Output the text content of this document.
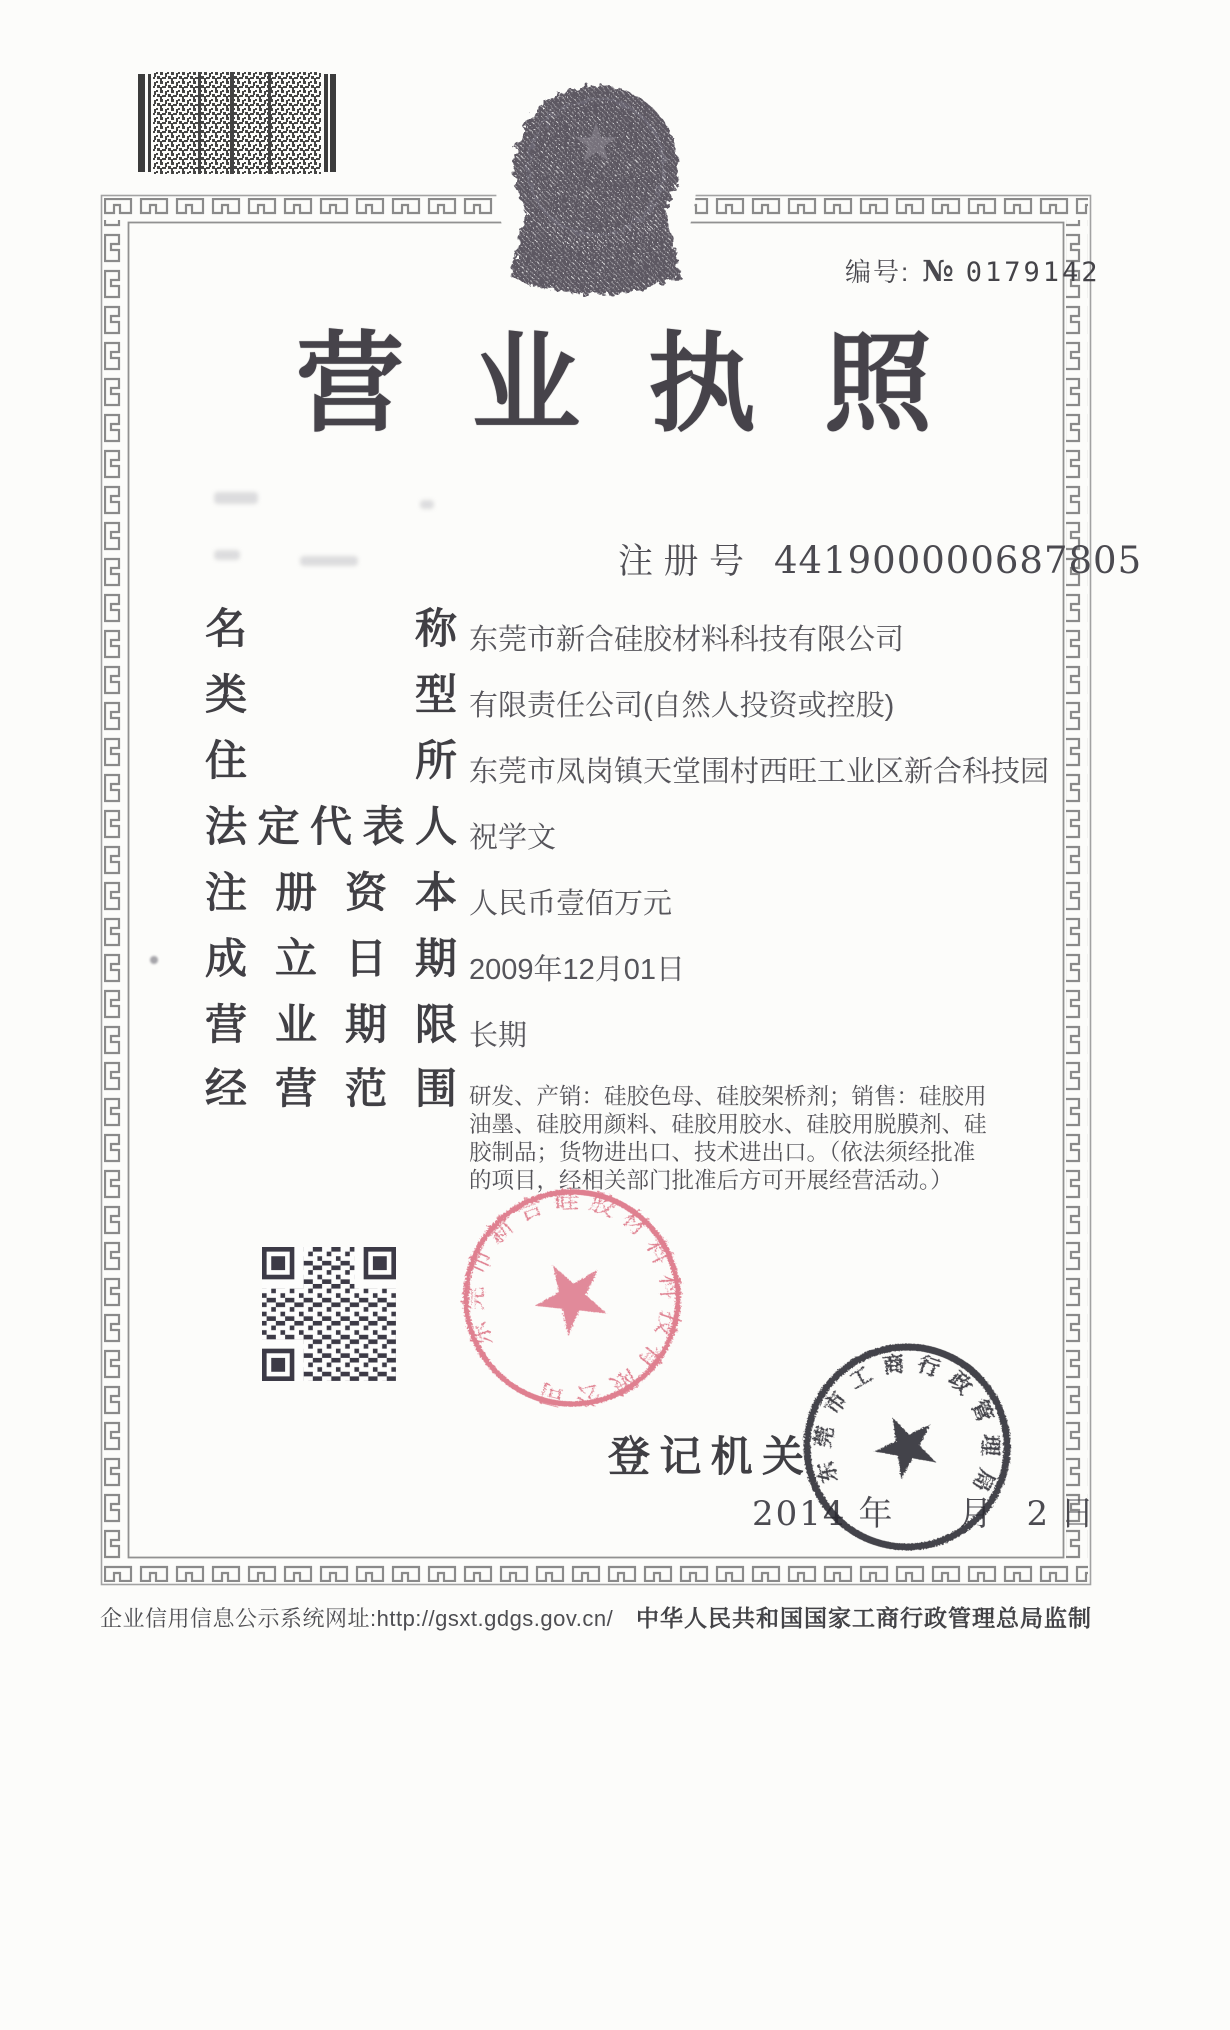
编号: № 0179142
营 业 执 照
注 册 号 441900000687805
名	称 东莞市新合硅胶材料科技有限公司
类	型 有限责任公司(自然人投资或控股)
住	所 东莞市凤岗镇天堂围村西旺工业区新合科技园
法 定 代 表 人 祝学文
注 册 资 本 人民币壹佰万元
成 立 日 期 2009年12月01日
营 业 期 限 长期
经 营 范 围 研发、产销：硅胶色母、硅胶架桥剂；销售：硅胶用油墨、硅胶用颜料、硅胶用胶水、硅胶用脱膜剂、硅胶制品；货物进出口、技术进出口。（依法须经批准的项目，经相关部门批准后方可开展经营活动。）
东莞市新合硅胶材料科技有限公司
登 记 机 关
2014 年 月 2 日
东莞市工商行政管理局
企业信用信息公示系统网址:http://gsxt.gdgs.gov.cn/ 中华人民共和国国家工商行政管理总局监制
